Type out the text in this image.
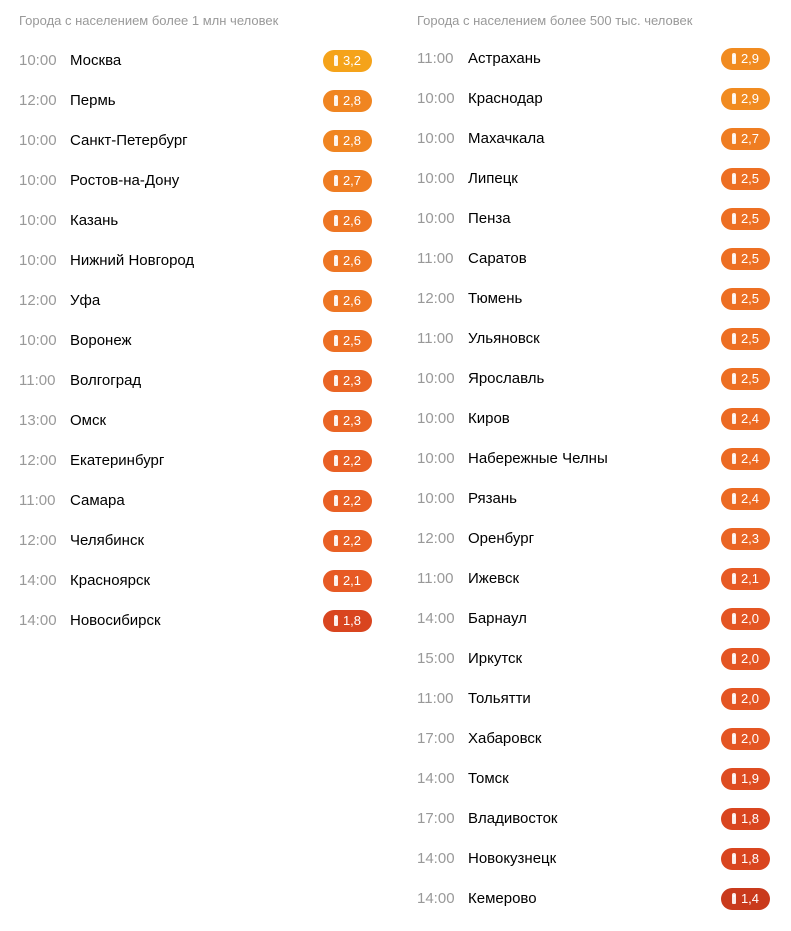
Города с населением более 1 млн человек
10:00 Москва	3,2
12:00 Пермь	2,8
10:00 Санкт-Петербург	2,8
10:00 Ростов-на-Дону	2,7
10:00 Казань	2,6
10:00 Нижний Новгород	2,6
12:00 Уфа	2,6
10:00 Воронеж	2,5
11:00 Волгоград	2,3
13:00 Омск	2,3
12:00 Екатеринбург	2,2
11:00 Самара	2,2
12:00 Челябинск	2,2
14:00 Красноярск	2,1
14:00 Новосибирск	1,8
Города с населением более 500 тыс. человек
11:00 Астрахань	2,9
10:00 Краснодар	2,9
10:00 Махачкала	2,7
10:00 Липецк	2,5
10:00 Пенза	2,5
11:00 Саратов	2,5
12:00 Тюмень	2,5
11:00 Ульяновск	2,5
10:00 Ярославль	2,5
10:00 Киров	2,4
10:00 Набережные Челны	2,4
10:00 Рязань	2,4
12:00 Оренбург	2,3
11:00 Ижевск	2,1
14:00 Барнаул	2,0
15:00 Иркутск	2,0
11:00 Тольятти	2,0
17:00 Хабаровск	2,0
14:00 Томск	1,9
17:00 Владивосток	1,8
14:00 Новокузнецк	1,8
14:00 Кемерово	1,4
